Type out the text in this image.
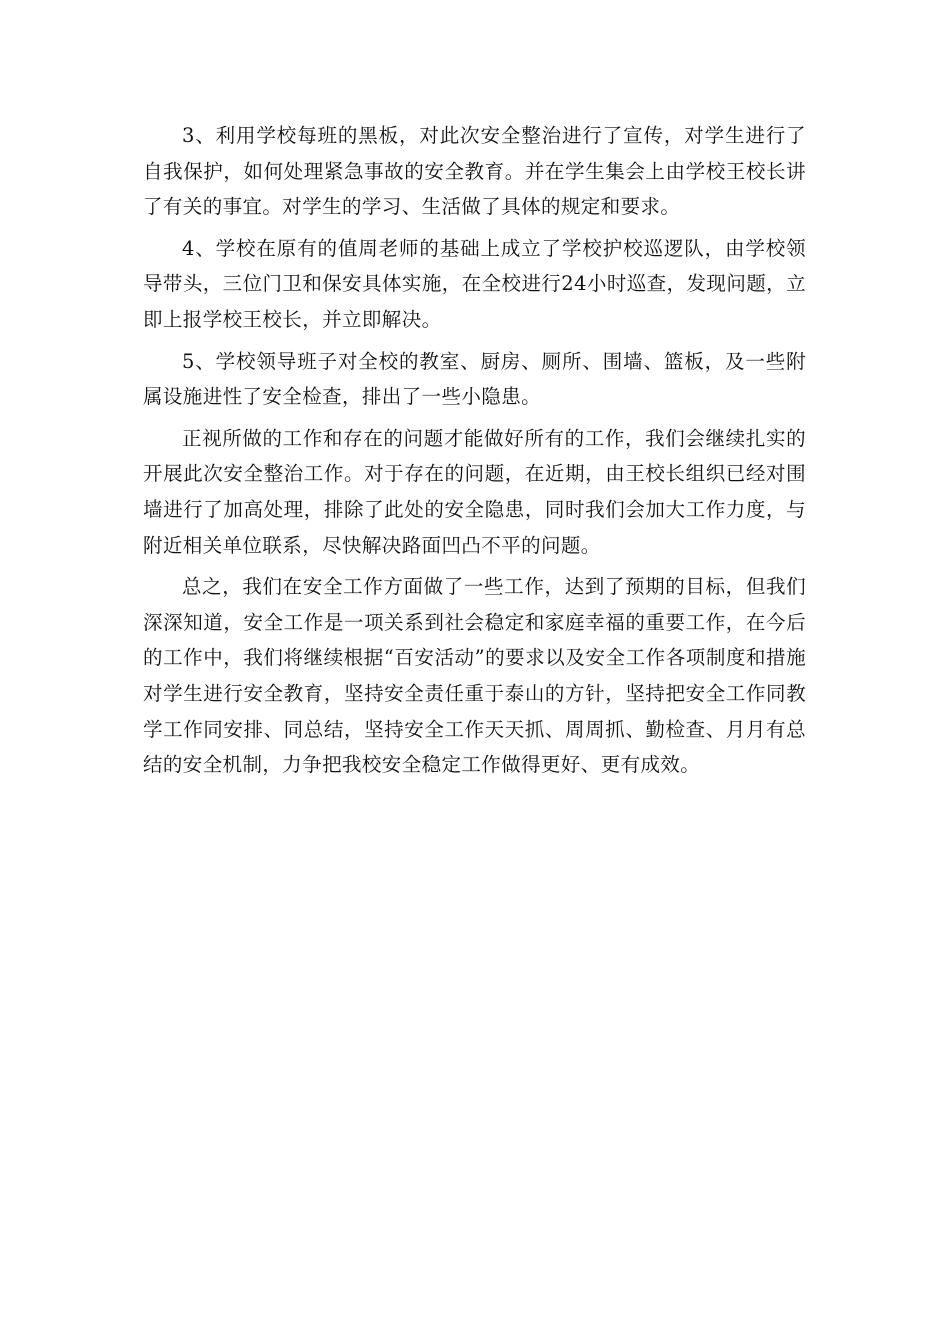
3、利用学校每班的黑板，对此次安全整治进行了宣传，对学生进行了自我保护，如何处理紧急事故的安全教育。并在学生集会上由学校王校长讲了有关的事宜。对学生的学习、生活做了具体的规定和要求。

4、学校在原有的值周老师的基础上成立了学校护校巡逻队，由学校领导带头，三位门卫和保安具体实施，在全校进行24小时巡查，发现问题，立即上报学校王校长，并立即解决。

5、学校领导班子对全校的教室、厨房、厕所、围墙、篮板，及一些附属设施进性了安全检查，排出了一些小隐患。

正视所做的工作和存在的问题才能做好所有的工作，我们会继续扎实的开展此次安全整治工作。对于存在的问题，在近期，由王校长组织已经对围墙进行了加高处理，排除了此处的安全隐患，同时我们会加大工作力度，与附近相关单位联系，尽快解决路面凹凸不平的问题。

总之，我们在安全工作方面做了一些工作，达到了预期的目标，但我们深深知道，安全工作是一项关系到社会稳定和家庭幸福的重要工作，在今后的工作中，我们将继续根据“百安活动”的要求以及安全工作各项制度和措施对学生进行安全教育，坚持安全责任重于泰山的方针，坚持把安全工作同教学工作同安排、同总结，坚持安全工作天天抓、周周抓、勤检查、月月有总结的安全机制，力争把我校安全稳定工作做得更好、更有成效。
